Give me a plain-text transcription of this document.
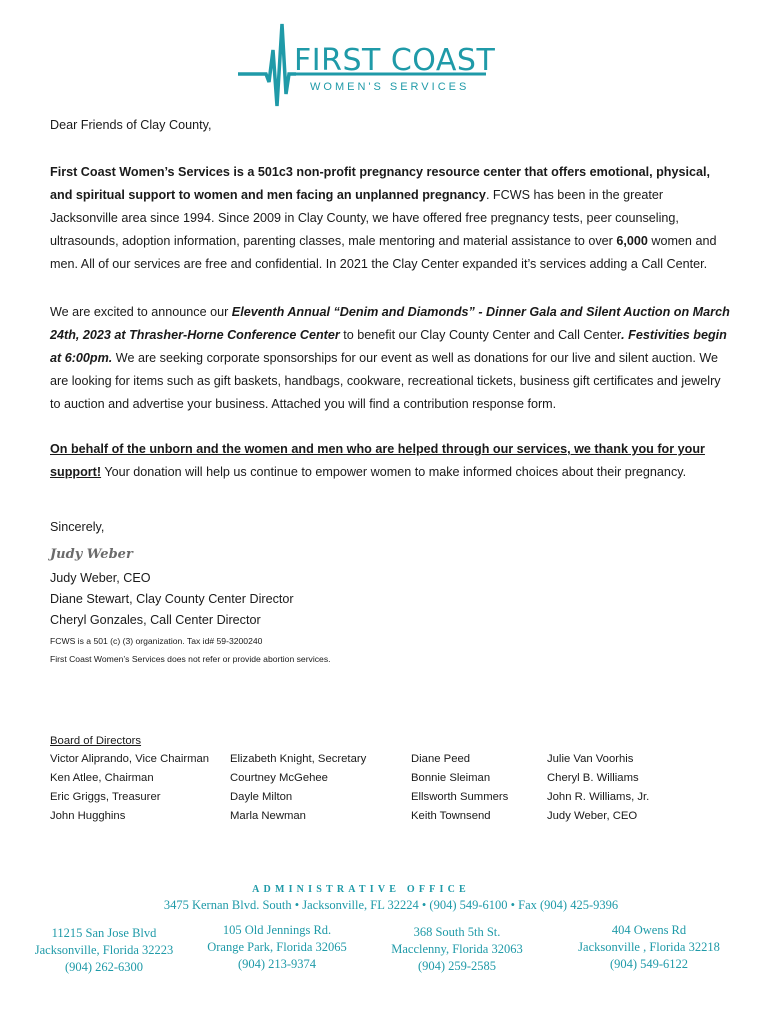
FIRST COAST
WOMEN'S SERVICES
Dear Friends of Clay County,

First Coast Women’s Services is a 501c3 non-profit pregnancy resource center that offers emotional, physical, and spiritual support to women and men facing an unplanned pregnancy. FCWS has been in the greater Jacksonville area since 1994. Since 2009 in Clay County, we have offered free pregnancy tests, peer counseling, ultrasounds, adoption information, parenting classes, male mentoring and material assistance to over 6,000 women and men. All of our services are free and confidential. In 2021 the Clay Center expanded it’s services adding a Call Center.

We are excited to announce our Eleventh Annual “Denim and Diamonds” - Dinner Gala and Silent Auction on March 24th, 2023 at Thrasher-Horne Conference Center to benefit our Clay County Center and Call Center. Festivities begin at 6:00pm. We are seeking corporate sponsorships for our event as well as donations for our live and silent auction. We are looking for items such as gift baskets, handbags, cookware, recreational tickets, business gift certificates and jewelry to auction and advertise your business. Attached you will find a contribution response form.

On behalf of the unborn and the women and men who are helped through our services, we thank you for your support! Your donation will help us continue to empower women to make informed choices about their pregnancy.

Sincerely,
Judy Weber
Judy Weber, CEO
Diane Stewart, Clay County Center Director
Cheryl Gonzales, Call Center Director
FCWS is a 501 (c) (3) organization. Tax id# 59-3200240
First Coast Women’s Services does not refer or provide abortion services.
Board of Directors
Victor Aliprando, Vice Chairman
Ken Atlee, Chairman
Eric Griggs, Treasurer
John Hugghins
Elizabeth Knight, Secretary
Courtney McGehee
Dayle Milton
Marla Newman
Diane Peed
Bonnie Sleiman
Ellsworth Summers
Keith Townsend
Julie Van Voorhis
Cheryl B. Williams
John R. Williams, Jr.
Judy Weber, CEO
ADMINISTRATIVE OFFICE
3475 Kernan Blvd. South • Jacksonville, FL 32224 • (904) 549-6100 • Fax (904) 425-9396
11215 San Jose Blvd
Jacksonville, Florida 32223
(904) 262-6300
105 Old Jennings Rd.
Orange Park, Florida 32065
(904) 213-9374
368 South 5th St.
Macclenny, Florida 32063
(904) 259-2585
404 Owens Rd
Jacksonville , Florida 32218
(904) 549-6122
